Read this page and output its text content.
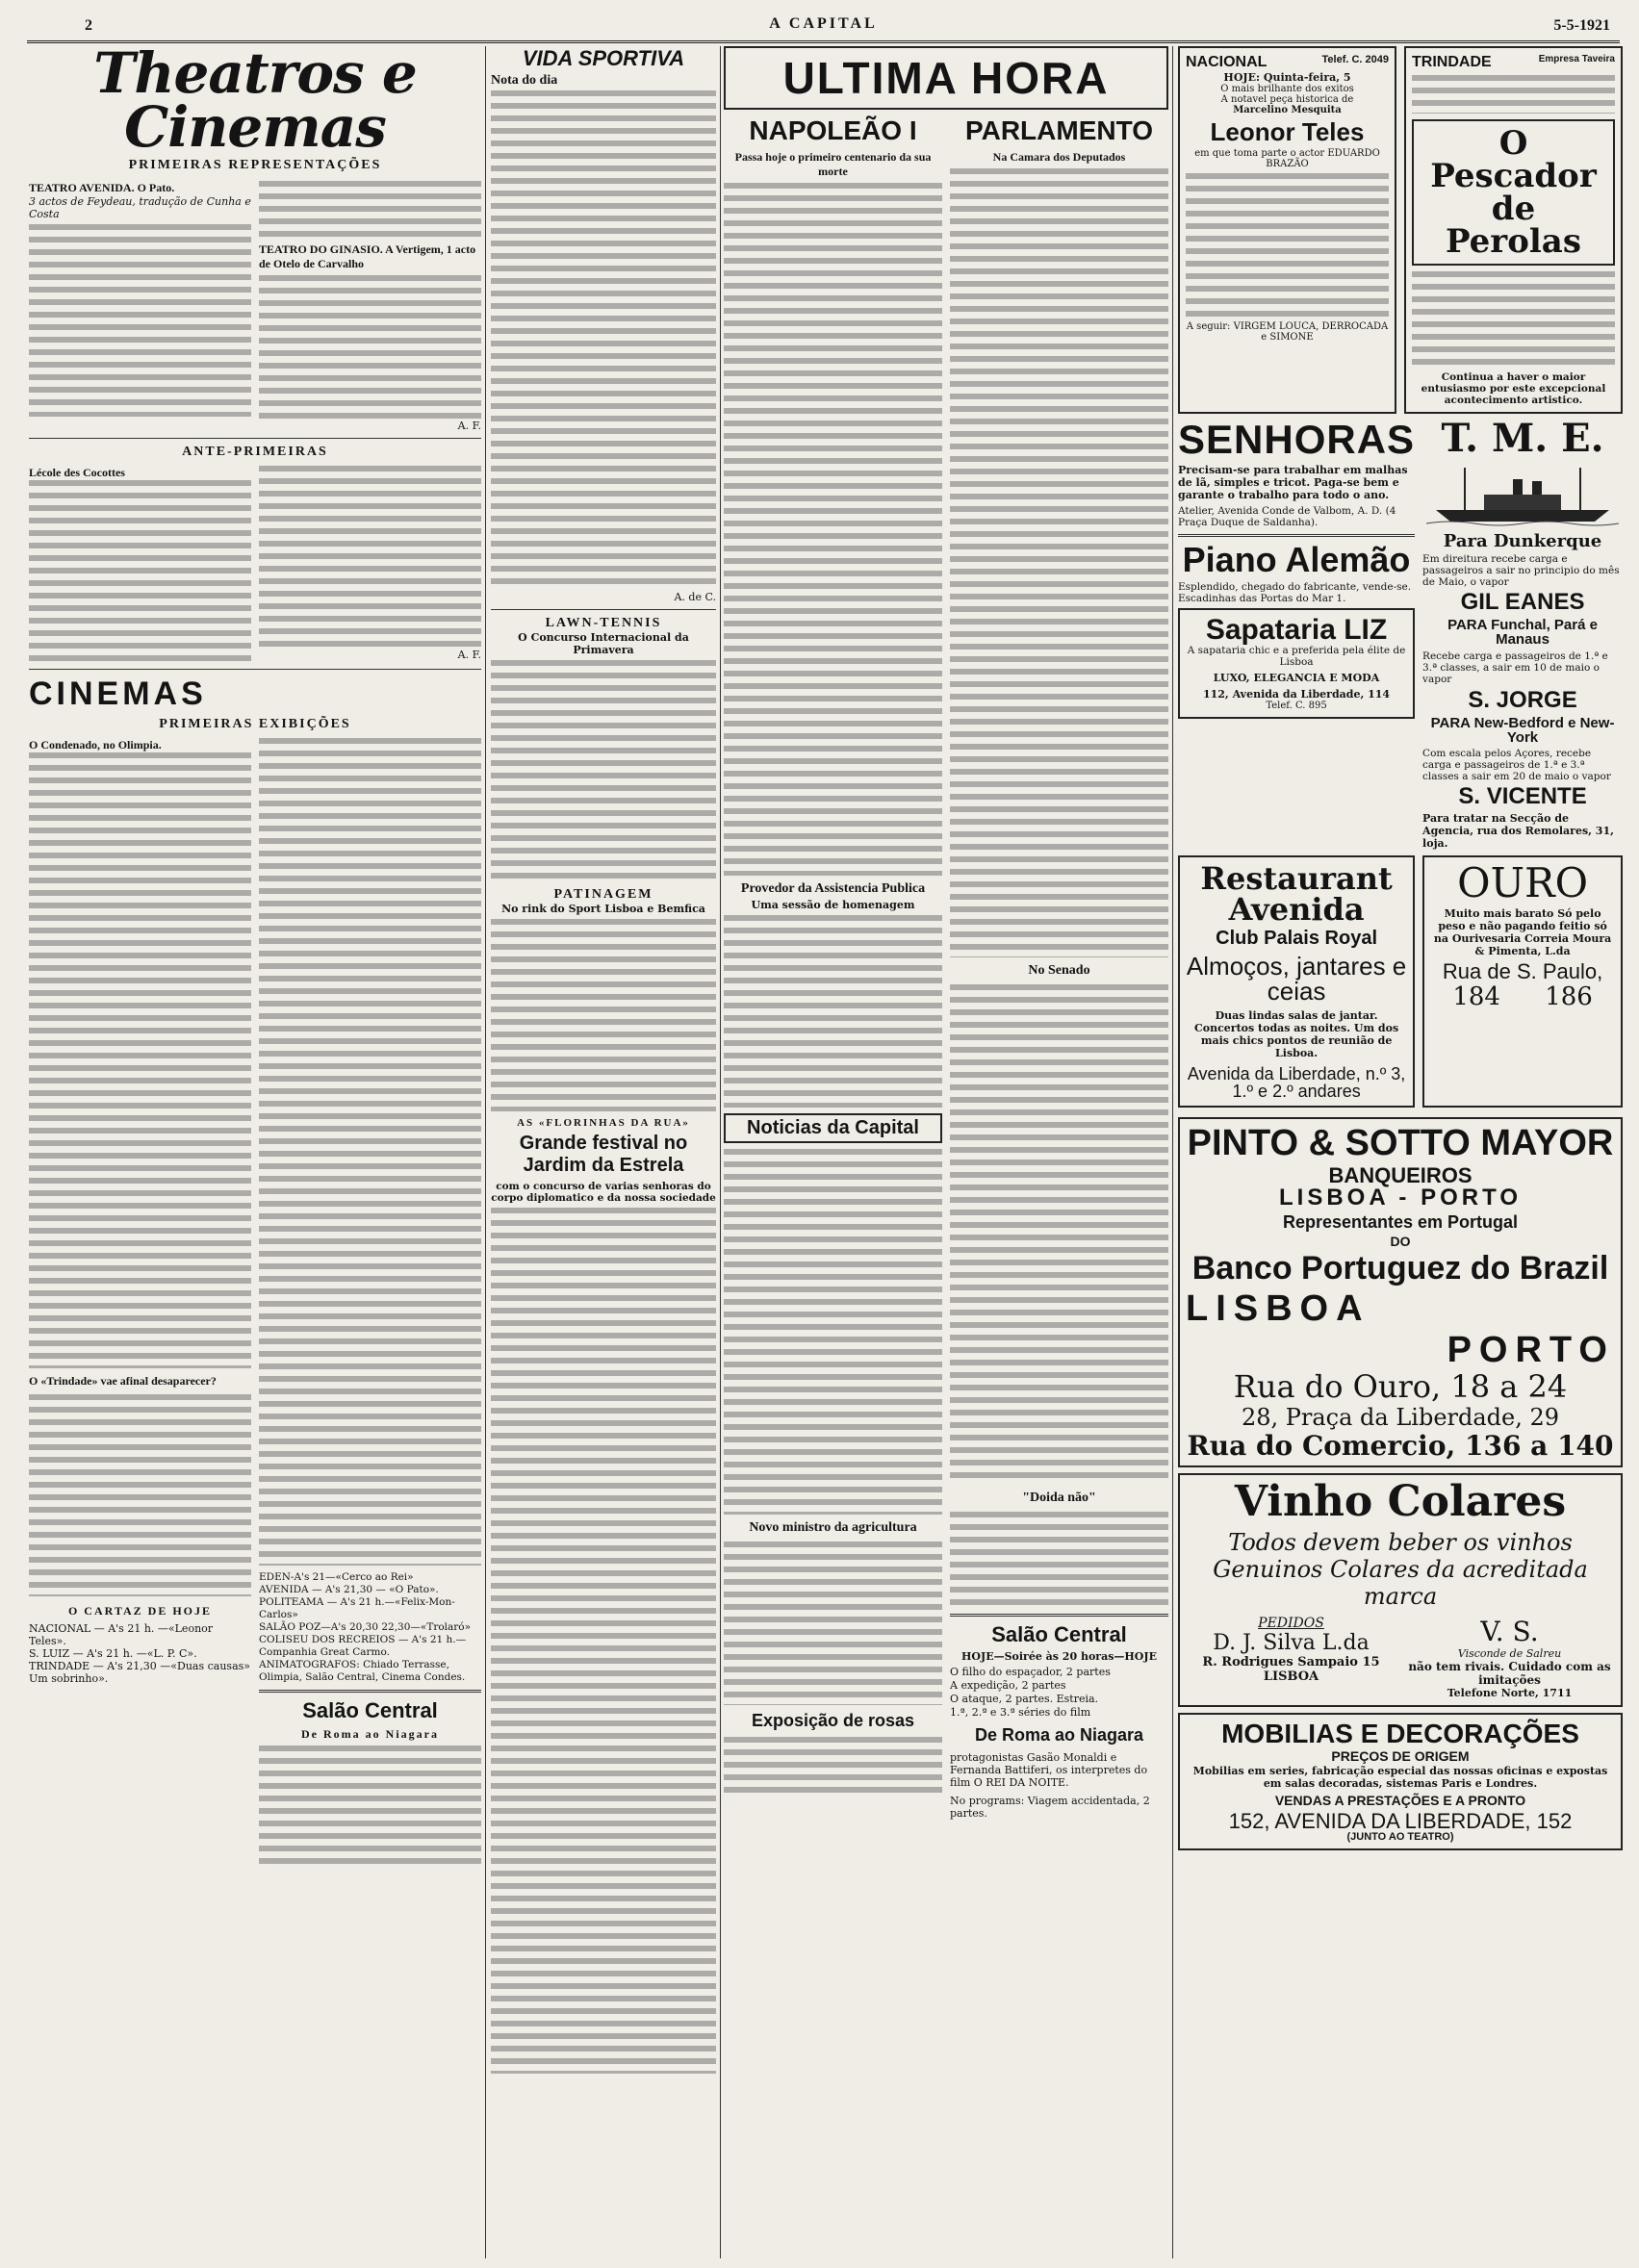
2	A CAPITAL	5-5-1921
Theatros e Cinemas
PRIMEIRAS REPRESENTAÇÕES
TEATRO AVENIDA. O Pato.
3 actos de Feydeau, tradução de Cunha e Costa
TEATRO DO GINASIO. A Vertigem, 1 acto de Otelo de Carvalho
A. F.
ANTE-PRIMEIRAS
Lécole des Cocottes
A. F.
CINEMAS
PRIMEIRAS EXIBIÇÕES
O Condenado, no Olimpia.
O «Trindade» vae afinal desaparecer?
O CARTAZ DE HOJE
NACIONAL — A's 21 h. —«Leonor Teles».
S. LUIZ — A's 21 h. —«L. P. C».
TRINDADE — A's 21,30 —«Duas causas»
Um sobrinho».
EDEN-A's 21—«Cerco ao Rei»
AVENIDA — A's 21,30 — «O Pato».
POLITEAMA — A's 21 h.—«Felix-Mon-Carlos»
SALÃO POZ—A's 20,30 22,30—«Trolaró»
COLISEU DOS RECREIOS — A's 21 h.—Companhia Great Carmo.
ANIMATOGRAFOS: Chiado Terrasse, Olimpia, Salão Central, Cinema Condes.
Salão Central
De Roma ao Niagara
VIDA SPORTIVA
Nota do dia
A. de C.
LAWN-TENNIS
O Concurso Internacional da Primavera
PATINAGEM
No rink do Sport Lisboa e Bemfica
AS «FLORINHAS DA RUA»
Grande festival no Jardim da Estrela
com o concurso de varias senhoras do corpo diplomatico e da nossa sociedade
ULTIMA HORA
NAPOLEÃO I
Passa hoje o primeiro centenario da sua morte
Provedor da Assistencia Publica
Uma sessão de homenagem
Noticias da Capital
Novo ministro da agricultura
Exposição de rosas
PARLAMENTO
Na Camara dos Deputados
No Senado
"Doida não"
Salão Central
HOJE—Soirée às 20 horas—HOJE
O filho do espaçador, 2 partes
A expedição, 2 partes
O ataque, 2 partes. Estreia.
1.ª, 2.ª e 3.ª séries do film
De Roma ao Niagara
protagonistas Gasão Monaldi e Fernanda Battiferi, os interpretes do film O REI DA NOITE.
No programs: Viagem accidentada, 2 partes.
NACIONAL	Telef. C. 2049
HOJE: Quinta-feira, 5
O mais brilhante dos exitos
A notavel peça historica de
Marcelino Mesquita
Leonor Teles
em que toma parte o actor EDUARDO BRAZÃO
A seguir: VIRGEM LOUCA, DERROCADA e SIMONE
TRINDADE	Empresa Taveira
O Pescador de Perolas
Continua a haver o maior entusiasmo por este excepcional acontecimento artistico.
SENHORAS
Precisam-se para trabalhar em malhas de lã, simples e tricot. Paga-se bem e garante o trabalho para todo o ano.
Atelier, Avenida Conde de Valbom, A. D. (4 Praça Duque de Saldanha).
Piano Alemão
Esplendido, chegado do fabricante, vende-se. Escadinhas das Portas do Mar 1.
Sapataria LIZ
A sapataria chic e a preferida pela élite de Lisboa
LUXO, ELEGANCIA E MODA
112, Avenida da Liberdade, 114
Telef. C. 895
T. M. E.
Para Dunkerque
Em direitura recebe carga e passageiros a sair no principio do mês de Maio, o vapor
GIL EANES
PARA Funchal, Pará e Manaus
Recebe carga e passageiros de 1.ª e 3.ª classes, a sair em 10 de maio o vapor
S. JORGE
PARA New-Bedford e New-York
Com escala pelos Açores, recebe carga e passageiros de 1.ª e 3.ª classes a sair em 20 de maio o vapor
S. VICENTE
Para tratar na Secção de Agencia, rua dos Remolares, 31, loja.
Restaurant Avenida
Club Palais Royal
Almoços, jantares e ceias
Duas lindas salas de jantar. Concertos todas as noites. Um dos mais chics pontos de reunião de Lisboa.
Avenida da Liberdade, n.º 3, 1.º e 2.º andares
OURO
Muito mais barato Só pelo peso e não pagando feitio só na Ourivesaria Correia Moura & Pimenta, L.da
Rua de S. Paulo,
184 186
PINTO & SOTTO MAYOR
BANQUEIROS
LISBOA - PORTO
Representantes em Portugal
DO
Banco Portuguez do Brazil
LISBOA
PORTO
Rua do Ouro, 18 a 24
28, Praça da Liberdade, 29
Rua do Comercio, 136 a 140
Vinho Colares
Todos devem beber os vinhos Genuinos Colares da acreditada marca
PEDIDOS
D. J. Silva L.da
R. Rodrigues Sampaio 15
LISBOA
V. S.
Visconde de Salreu
não tem rivais. Cuidado com as imitações
Telefone Norte, 1711
MOBILIAS E DECORAÇÕES
PREÇOS DE ORIGEM
Mobilias em series, fabricação especial das nossas oficinas e expostas em salas decoradas, sistemas Paris e Londres.
VENDAS A PRESTAÇÕES E A PRONTO
152, AVENIDA DA LIBERDADE, 152
(JUNTO AO TEATRO)
